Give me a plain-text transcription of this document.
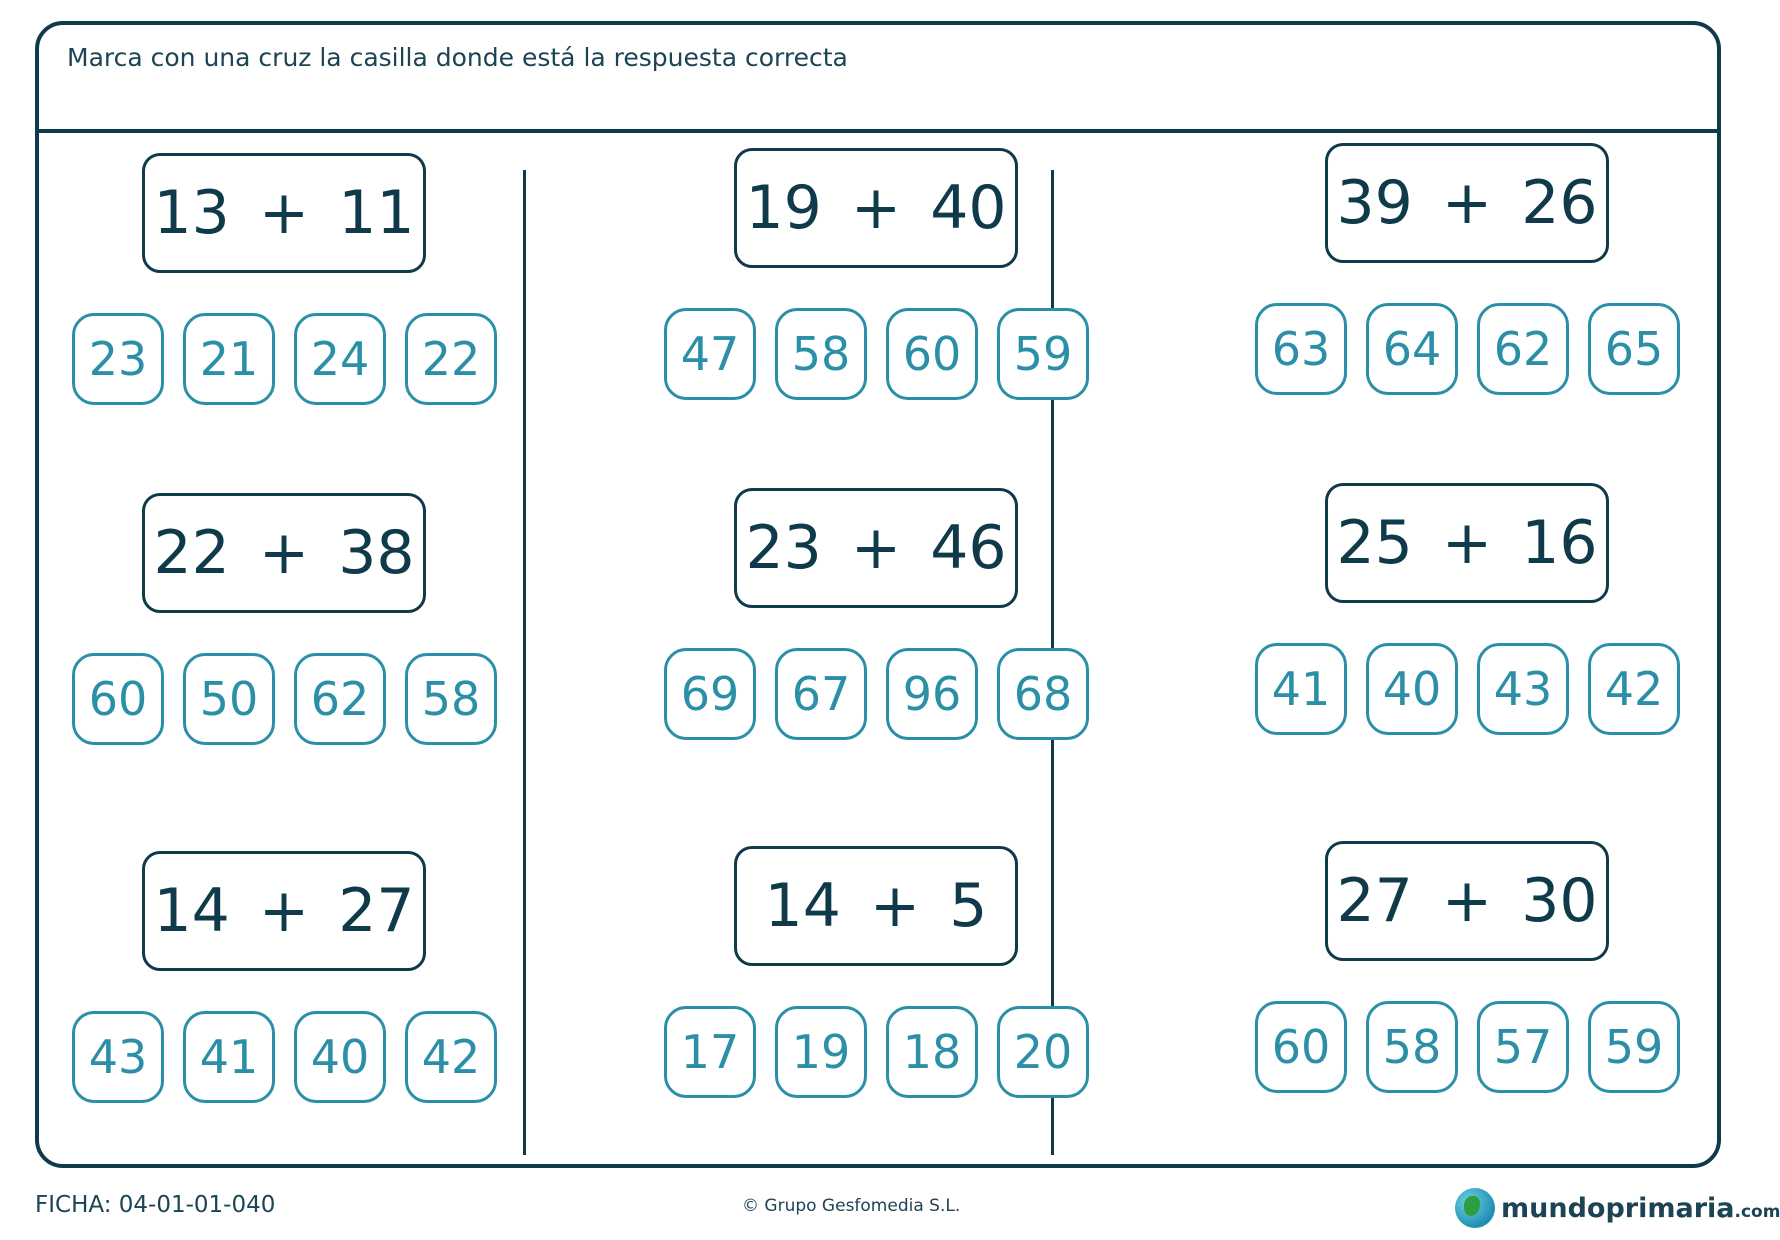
Marca con una cruz la casilla donde está la respuesta correcta
13 + 11
23	21	24	22
22 + 38
60	50	62	58
14 + 27
43	41	40	42
19 + 40
47	58	60	59
23 + 46
69	67	96	68
14 + 5
17	19	18	20
39 + 26
63	64	62	65
25 + 16
41	40	43	42
27 + 30
60	58	57	59
FICHA: 04-01-01-040	© Grupo Gesfomedia S.L.	mundoprimaria.com
